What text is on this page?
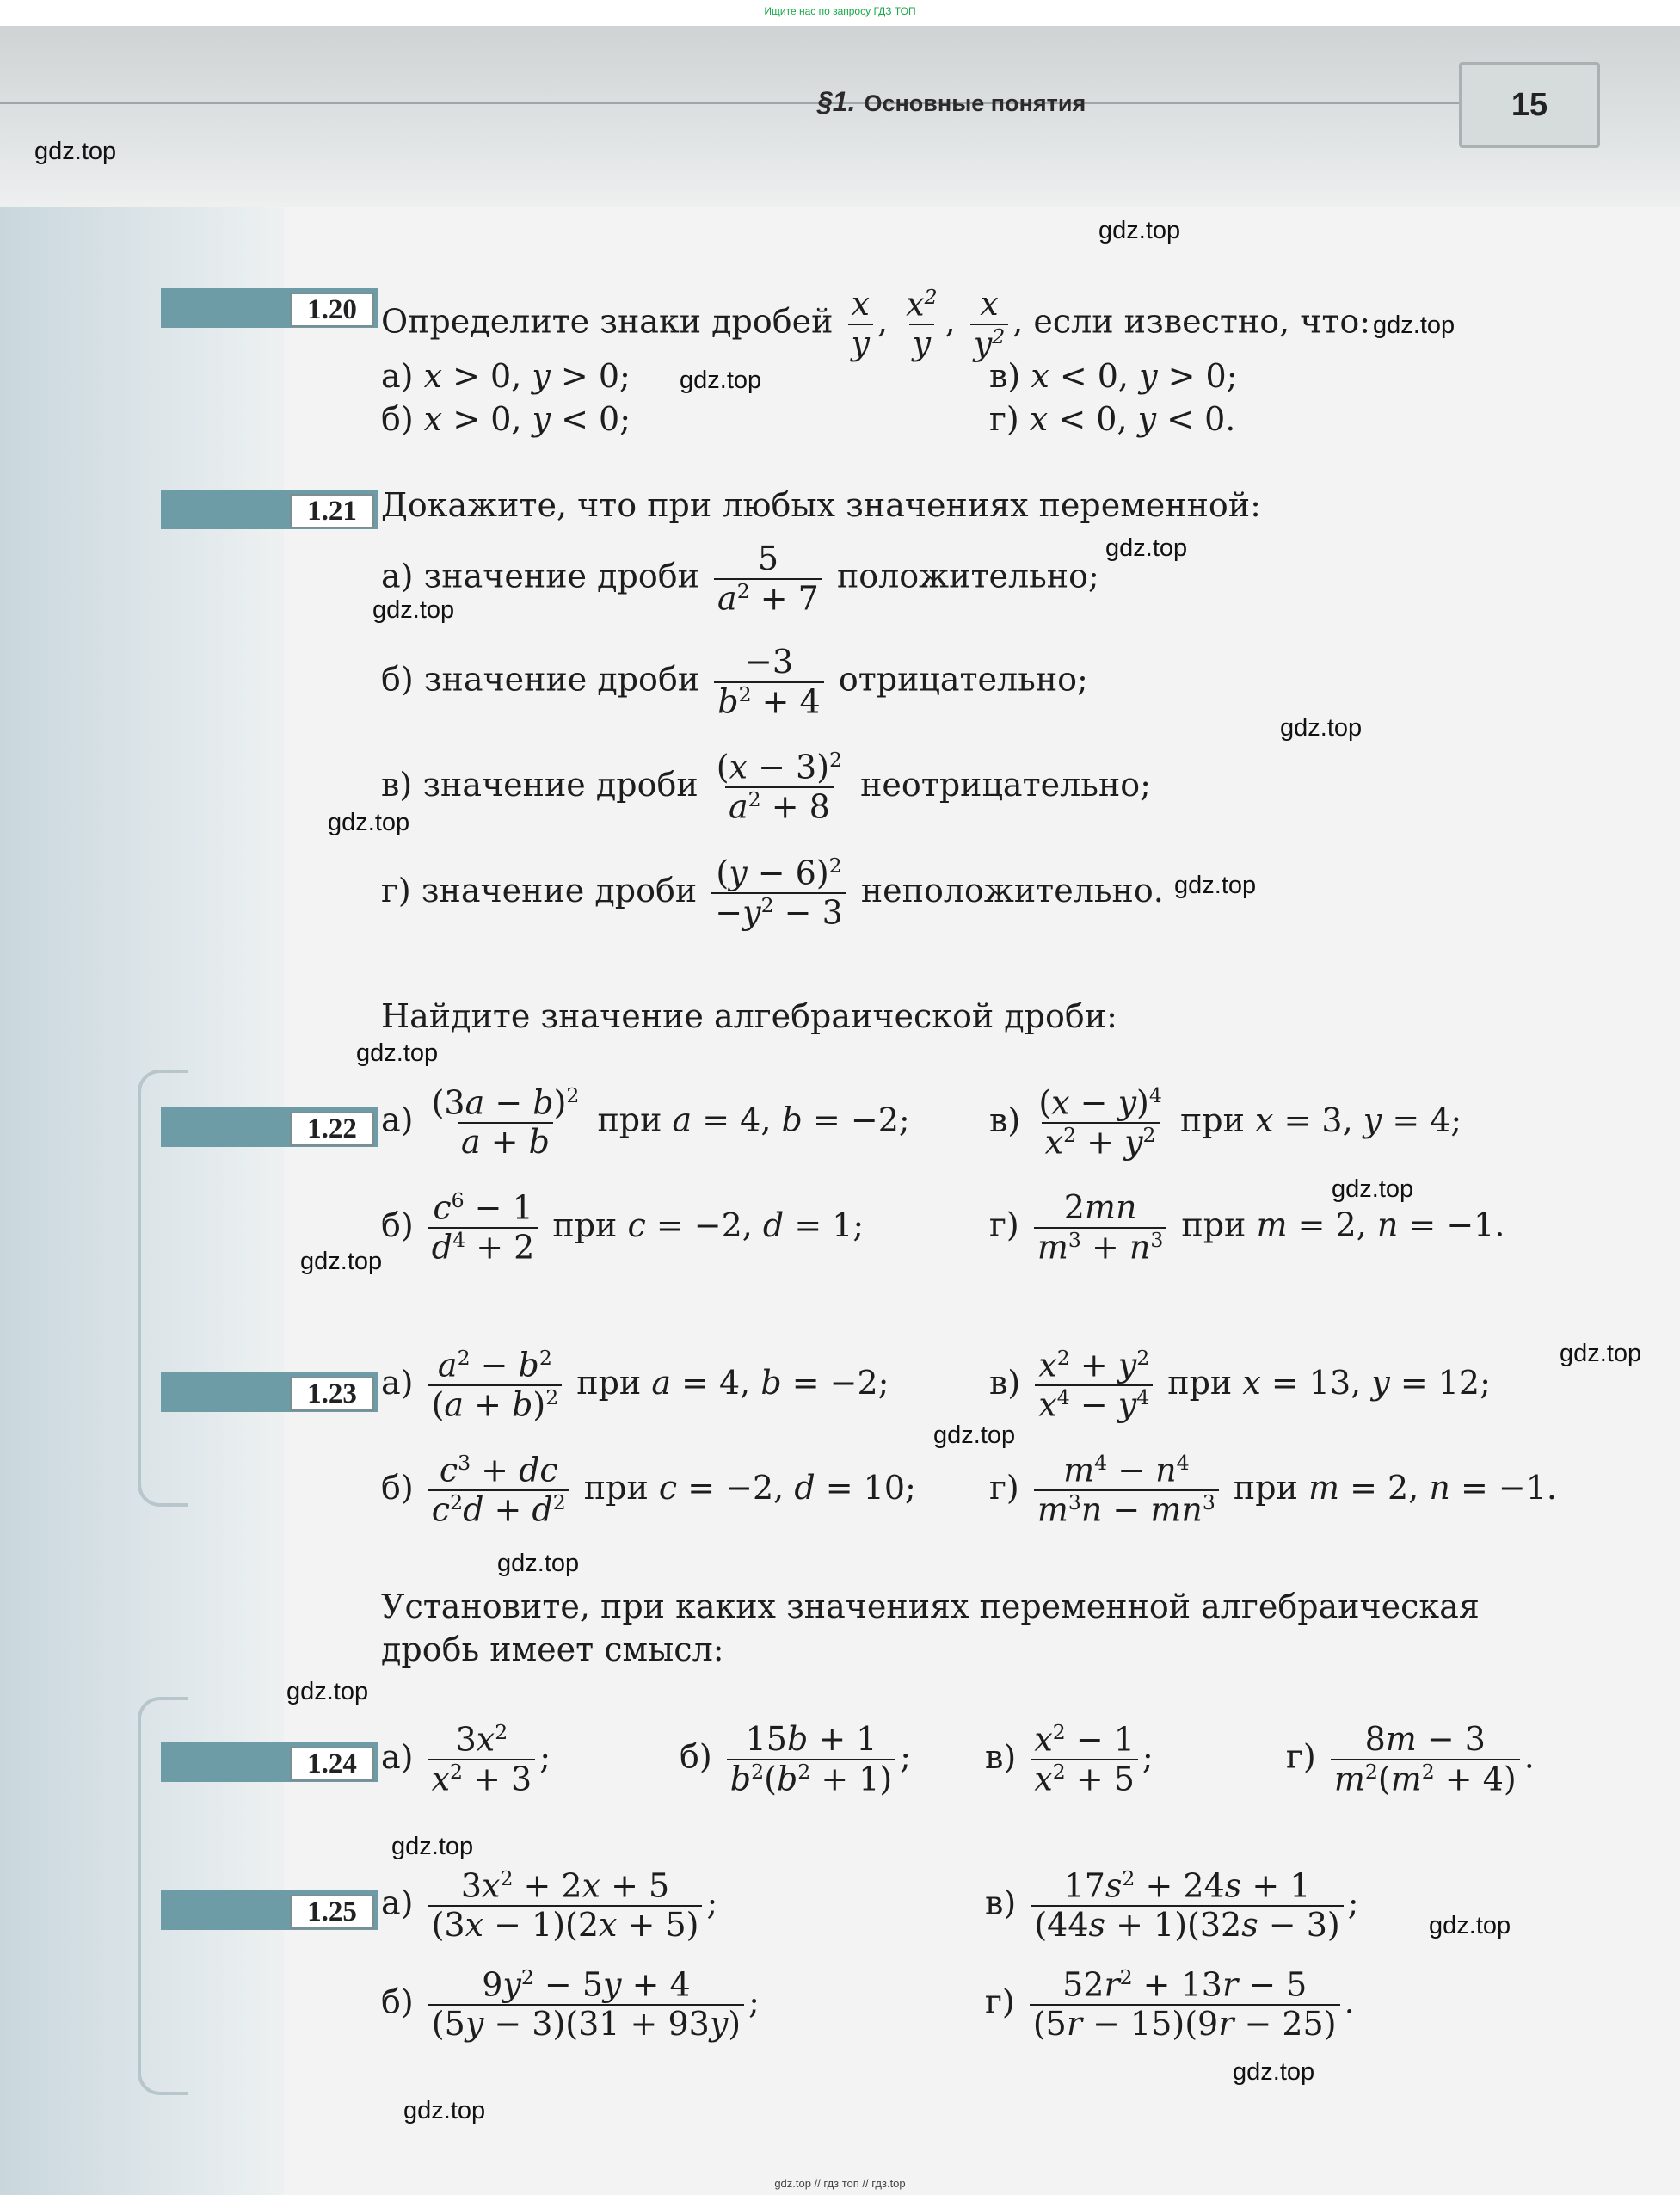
Ищите нас по запросу ГДЗ ТОП
§1. Основные понятия	15
gdz.top
gdz.top
gdz.top
gdz.top
gdz.top
gdz.top
gdz.top
gdz.top
gdz.top
gdz.top
gdz.top
gdz.top
gdz.top
gdz.top
gdz.top
gdz.top
gdz.top
gdz.top
gdz.top
gdz.top
1.20 Определите знаки дробей $\frac{x}{y}$ , $\frac{x^2}{y}$ , $\frac{x}{y^2}$ , если известно, что:
а) x > 0, y > 0;	в) x < 0, y > 0;
б) x > 0, y < 0;	г) x < 0, y < 0.
1.21 Докажите, что при любых значениях переменной:
а) значение дроби $\frac{5}{a^2 + 7}$ положительно;
б) значение дроби $\frac{-3}{b^2 + 4}$ отрицательно;
в) значение дроби $\frac{(x - 3)^2}{a^2 + 8}$ неотрицательно;
г) значение дроби $\frac{(y - 6)^2}{-y^2 - 3}$ неположительно.
Найдите значение алгебраической дроби:
1.22 $а) \frac{(3a - b)^2}{a + b}$ при a = 4, b = −2; $в) \frac{(x - y)^4}{x^2 + y^2}$ при x = 3, y = 4;
$б) \frac{c^6 - 1}{d^4 + 2}$ при c = −2, d = 1;	$г) \frac{2mn}{m^3 + n^3}$ при m = 2, n = −1.
1.23 $а) \frac{a^2 - b^2}{(a + b)^2}$ при a = 4, b = −2;	$в) \frac{x^2 + y^2}{x^4 - y^4}$ при x = 13, y = 12;
$б) \frac{c^3 + dc}{c^2d + d^2}$ при c = −2, d = 10; $г) \frac{m^4 - n^4}{m^3n - mn^3}$ при m = 2, n = −1.
Установите, при каких значениях переменной алгебраическая
дробь имеет смысл:
1.24 $а) \frac{3x^2}{x^2 + 3}$ ;	$б) \frac{15b + 1}{b^2(b^2 + 1)}$ ; $в) \frac{x^2 - 1}{x^2 + 5}$ ;	$г) \frac{8m - 3}{m^2(m^2 + 4)}$ .
1.25 $а) \frac{3x^2 + 2x + 5}{(3x - 1)(2x + 5)}$ ;	$в) \frac{17s^2 + 24s + 1}{(44s + 1)(32s - 3)}$ ;
$б) \frac{9y^2 - 5y + 4}{(5y - 3)(31 + 93y)}$ ;	$г) \frac{52r^2 + 13r - 5}{(5r - 15)(9r - 25)}$ .
gdz.top // гдз топ // гдз.top
